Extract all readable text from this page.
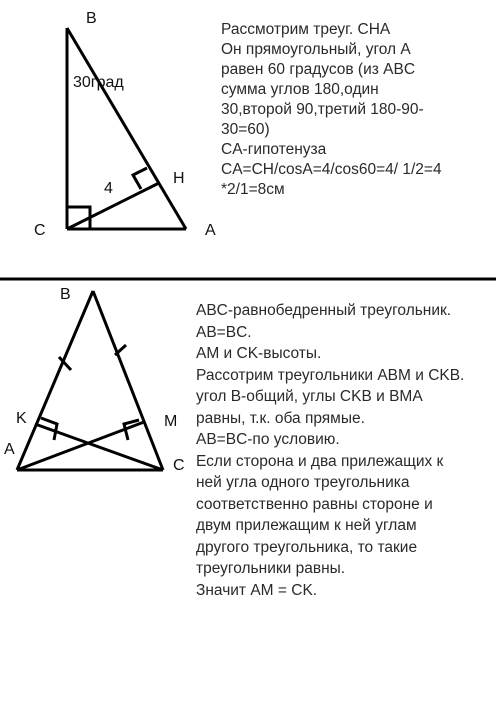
B
30град
4
H
C	A
Рассмотрим треуг. CHA
Он прямоугольный, угол А
равен 60 градусов (из ABC
сумма углов 180,один
30,второй 90,третий 180-90-
30=60)
CA-гипотенуза
CA=CH/cosA=4/cos60=4/ 1/2=4
*2/1=8см
B
K	M
A
C
ABC-равнобедренный треугольник.
AB=BC.
AM и CK-высоты.
Рассотрим треугольники ABM и CKB.
угол B-общий, углы CKB и BMA
равны, т.к. оба прямые.
AB=BC-по условию.
Если сторона и два прилежащих к
ней угла одного треугольника
соответственно равны стороне и
двум прилежащим к ней углам
другого треугольника, то такие
треугольники равны.
Значит AM = CK.
